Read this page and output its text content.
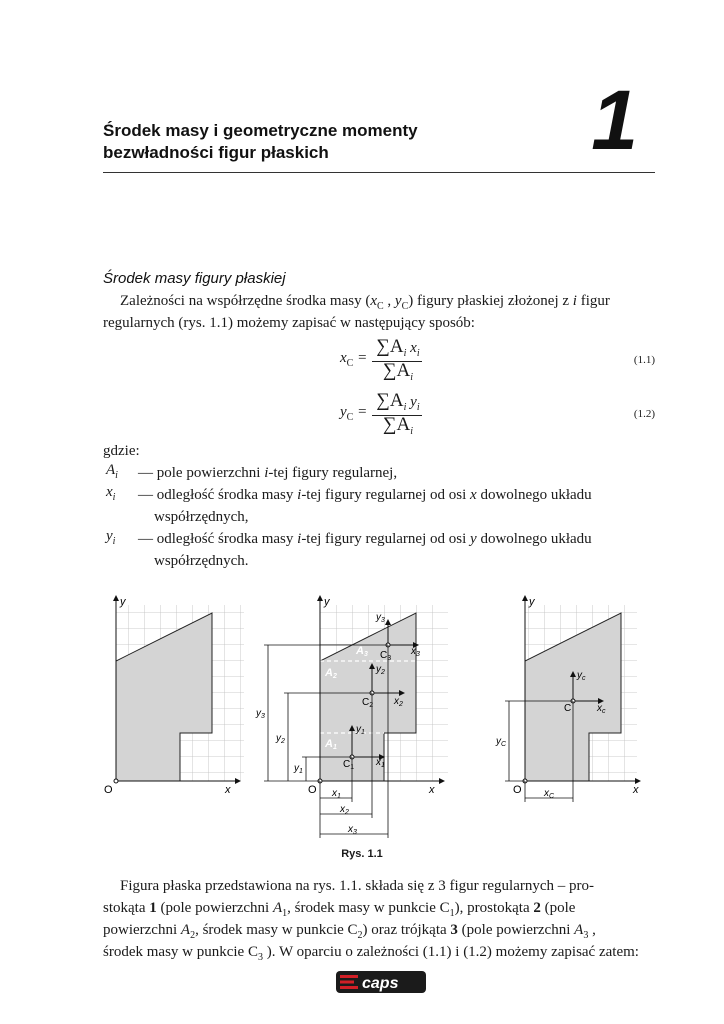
Środek masy i geometryczne momenty
bezwładności figur płaskich	1
Środek masy figury płaskiej
Zależności na współrzędne środka masy ($x_C$ , $y_C$) figury płaskiej złożonej z i figur
regularnych (rys. 1.1) możemy zapisać w następujący sposób:
$x_C$ =
$\sum A_i$ $x_i$
$\sum A_i$
(1.1)
$y_C$ =
$\sum A_i$ $y_i$
$\sum A_i$
(1.2)
gdzie:
$A_i$ — pole powierzchni i-tej figury regularnej,
$x_i$ — odległość środka masy i-tej figury regularnej od osi x dowolnego układu
współrzędnych,
$y_i$ — odległość środka masy i-tej figury regularnej od osi y dowolnego układu
współrzędnych.
y
x
O
y
x
O
A1
A2
A3
$C_1$
$y_1$
$x_1$
$C_2$
$y_2$
$x_2$
$C_3$
$y_3$
$x_3$
$y_3$
$y_2$
$y_1$
$x_1$
$x_2$
$x_3$
y
x
O
C
$y_c$
$x_c$
$y_C$
$x_C$
Rys. 1.1
Figura płaska przedstawiona na rys. 1.1. składa się z 3 figur regularnych – pro-
stokąta 1 (pole powierzchni $A_1$, środek masy w punkcie $C_1$), prostokąta 2 (pole
powierzchni $A_2$, środek masy w punkcie $C_2$) oraz trójkąta 3 (pole powierzchni $A_3$ ,
środek masy w punkcie $C_3$ ). W oparciu o zależności (1.1) i (1.2) możemy zapisać zatem:
caps
